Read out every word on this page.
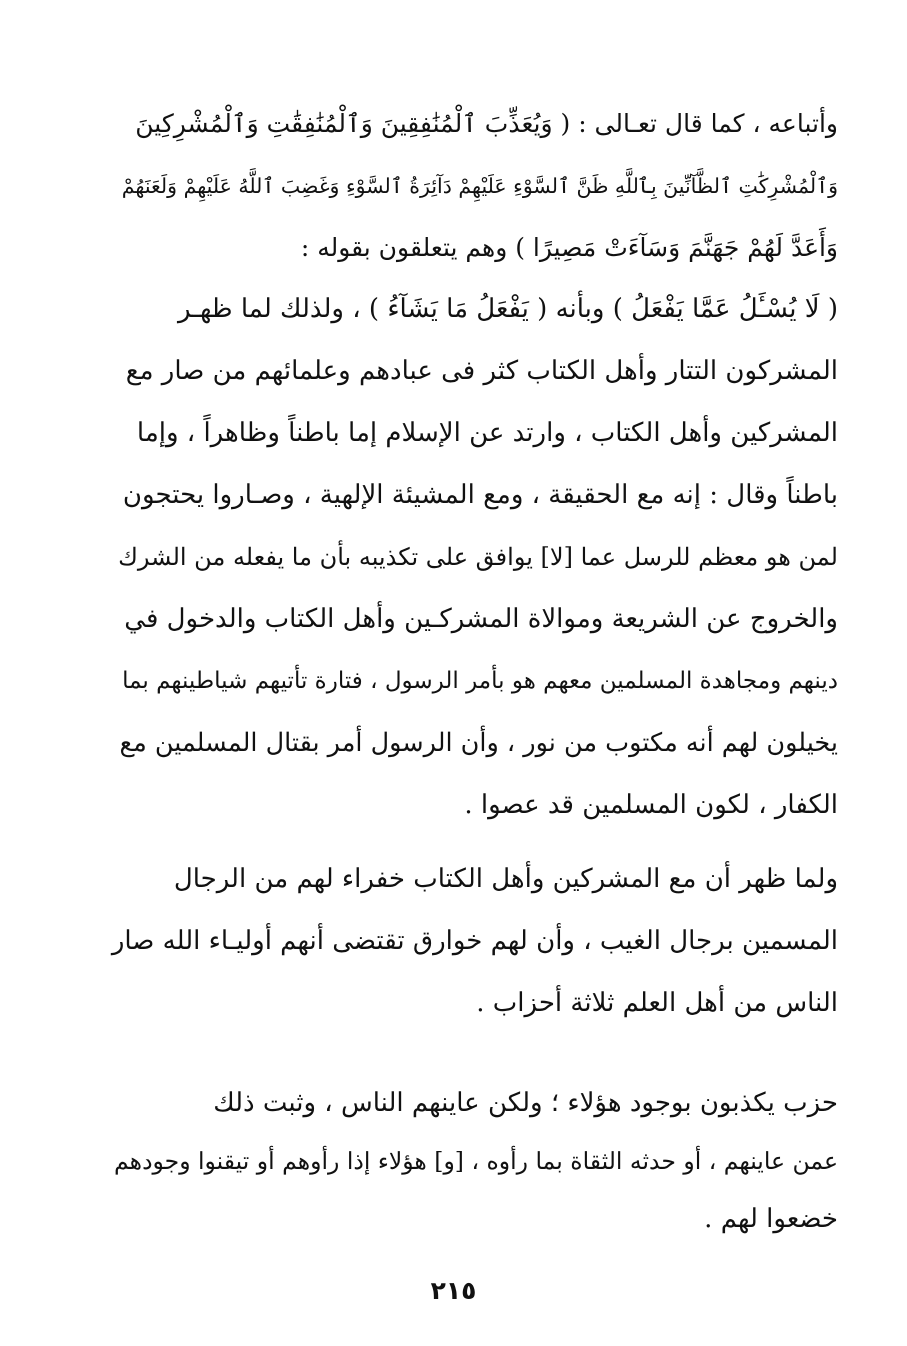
وأتباعه ، كما قال تعـالى : ( وَيُعَذِّبَ ٱلْمُنَٰفِقِينَ وَٱلْمُنَٰفِقَٰتِ وَٱلْمُشْرِكِينَ
وَٱلْمُشْرِكَٰتِ ٱلظَّآنِّينَ بِٱللَّهِ ظَنَّ ٱلسَّوْءِ عَلَيْهِمْ دَآئِرَةُ ٱلسَّوْءِ وَغَضِبَ ٱللَّهُ عَلَيْهِمْ وَلَعَنَهُمْ
وَأَعَدَّ لَهُمْ جَهَنَّمَ وَسَآءَتْ مَصِيرًا ) وهم يتعلقون بقوله :
( لَا يُسْـَٔلُ عَمَّا يَفْعَلُ ) وبأنه ( يَفْعَلُ مَا يَشَآءُ ) ، ولذلك لما ظهـر
المشركون التتار وأهل الكتاب كثر فى عبادهم وعلمائهم من صار مع
المشركين وأهل الكتاب ، وارتد عن الإسلام إما باطناً وظاهراً ، وإما
باطناً وقال : إنه مع الحقيقة ، ومع المشيئة الإلهية ، وصـاروا يحتجون
لمن هو معظم للرسل عما [لا] يوافق على تكذيبه بأن ما يفعله من الشرك
والخروج عن الشريعة وموالاة المشركـين وأهل الكتاب والدخول في
دينهم ومجاهدة المسلمين معهم هو بأمر الرسول ، فتارة تأتيهم شياطينهم بما
يخيلون لهم أنه مكتوب من نور ، وأن الرسول أمر بقتال المسلمين مع
الكفار ، لكون المسلمين قد عصوا .
ولما ظهر أن مع المشركين وأهل الكتاب خفراء لهم من الرجال
المسمين برجال الغيب ، وأن لهم خوارق تقتضى أنهم أوليـاء الله صار
الناس من أهل العلم ثلاثة أحزاب .
حزب يكذبون بوجود هؤلاء ؛ ولكن عاينهم الناس ، وثبت ذلك
عمن عاينهم ، أو حدثه الثقاة بما رأوه ، [و] هؤلاء إذا رأوهم أو تيقنوا وجودهم
خضعوا لهم .
٢١٥
